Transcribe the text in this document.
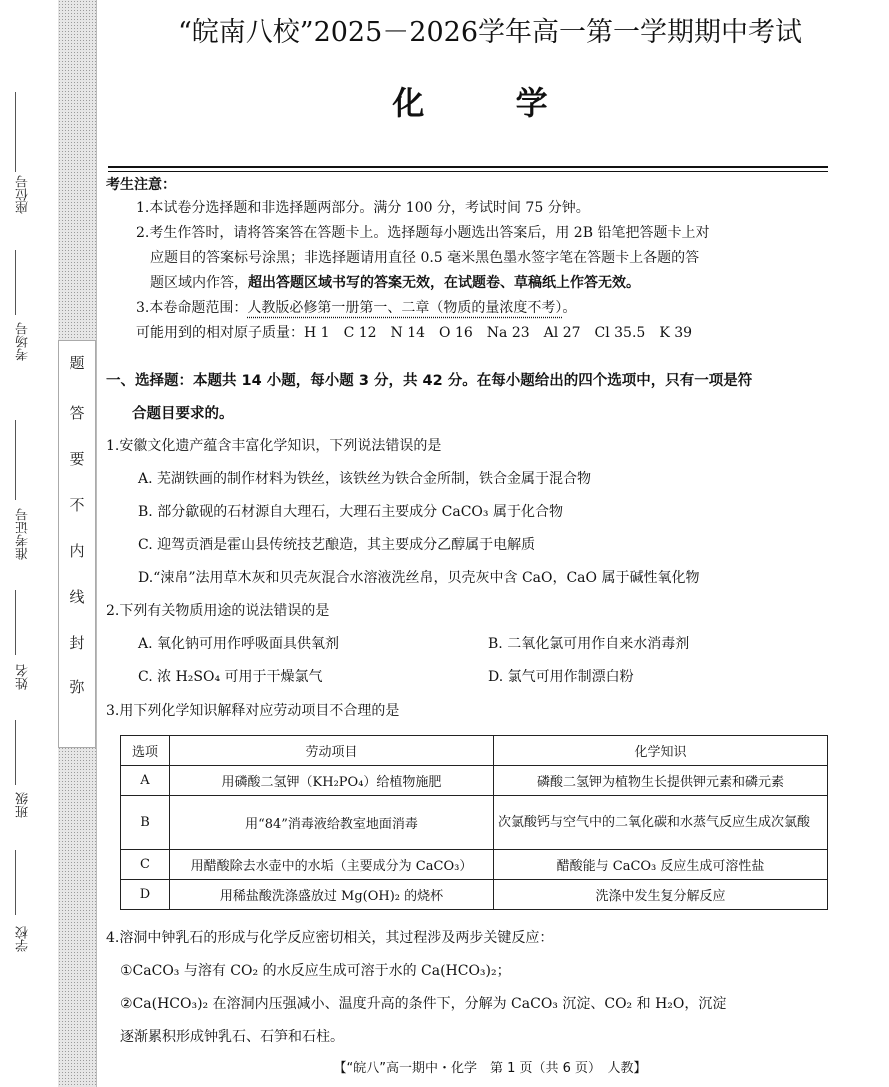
题
答
要
不
内
线
封
弥
座位号
考场号
准考证号
姓名
班级
学校
“皖南八校”2025－2026学年高一第一学期期中考试
化 学
考生注意：
1.本试卷分选择题和非选择题两部分。满分 100 分，考试时间 75 分钟。
2.考生作答时，请将答案答在答题卡上。选择题每小题选出答案后，用 2B 铅笔把答题卡上对
应题目的答案标号涂黑；非选择题请用直径 0.5 毫米黑色墨水签字笔在答题卡上各题的答
题区域内作答，超出答题区域书写的答案无效，在试题卷、草稿纸上作答无效。
3.本卷命题范围：人教版必修第一册第一、二章（物质的量浓度不考）。
可能用到的相对原子质量：H 1　C 12　N 14　O 16　Na 23　Al 27　Cl 35.5　K 39
一、选择题：本题共 14 小题，每小题 3 分，共 42 分。在每小题给出的四个选项中，只有一项是符
合题目要求的。
1.安徽文化遗产蕴含丰富化学知识，下列说法错误的是
A. 芜湖铁画的制作材料为铁丝，该铁丝为铁合金所制，铁合金属于混合物
B. 部分歙砚的石材源自大理石，大理石主要成分 CaCO₃ 属于化合物
C. 迎驾贡酒是霍山县传统技艺酿造，其主要成分乙醇属于电解质
D.“涑帛”法用草木灰和贝壳灰混合水溶液洗丝帛，贝壳灰中含 CaO，CaO 属于碱性氧化物
2.下列有关物质用途的说法错误的是
A. 氧化钠可用作呼吸面具供氧剂	B. 二氧化氯可用作自来水消毒剂
C. 浓 H₂SO₄ 可用于干燥氯气	D. 氯气可用作制漂白粉
3.用下列化学知识解释对应劳动项目不合理的是
选项	劳动项目	化学知识
A	用磷酸二氢钾（KH₂PO₄）给植物施肥	磷酸二氢钾为植物生长提供钾元素和磷元素
B	用“84”消毒液给教室地面消毒	次氯酸钙与空气中的二氧化碳和水蒸气反应生成次氯酸
C	用醋酸除去水壶中的水垢（主要成分为 CaCO₃）	醋酸能与 CaCO₃ 反应生成可溶性盐
D	用稀盐酸洗涤盛放过 Mg(OH)₂ 的烧杯	洗涤中发生复分解反应
4.溶洞中钟乳石的形成与化学反应密切相关，其过程涉及两步关键反应：
①CaCO₃ 与溶有 CO₂ 的水反应生成可溶于水的 Ca(HCO₃)₂；
②Ca(HCO₃)₂ 在溶洞内压强减小、温度升高的条件下，分解为 CaCO₃ 沉淀、CO₂ 和 H₂O，沉淀
逐渐累积形成钟乳石、石笋和石柱。
【“皖八”高一期中・化学　第 1 页（共 6 页）　人教】
